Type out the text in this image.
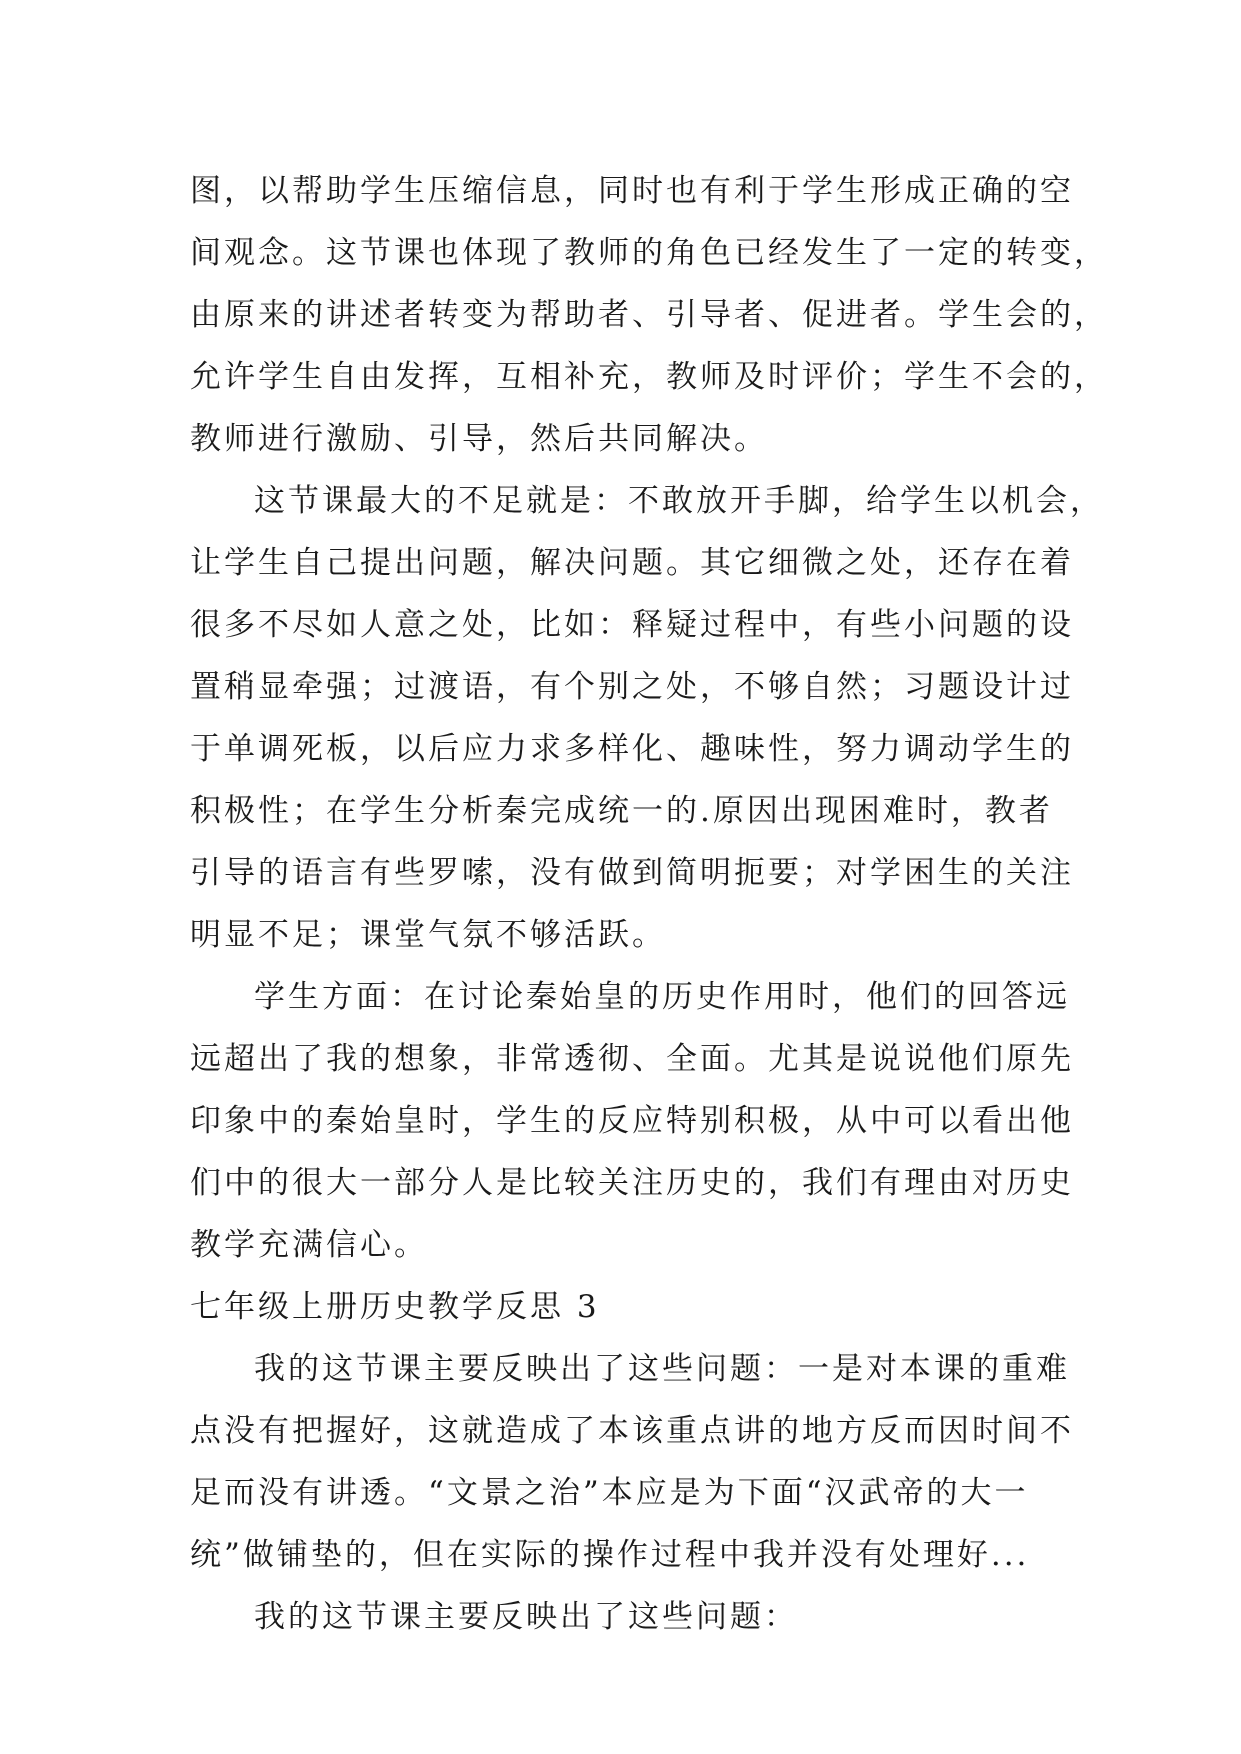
图，以帮助学生压缩信息，同时也有利于学生形成正确的空
间观念。这节课也体现了教师的角色已经发生了一定的转变，
由原来的讲述者转变为帮助者、引导者、促进者。学生会的，
允许学生自由发挥，互相补充，教师及时评价；学生不会的，
教师进行激励、引导，然后共同解决。
这节课最大的不足就是：不敢放开手脚，给学生以机会，
让学生自己提出问题，解决问题。其它细微之处，还存在着
很多不尽如人意之处，比如：释疑过程中，有些小问题的设
置稍显牵强；过渡语，有个别之处，不够自然；习题设计过
于单调死板，以后应力求多样化、趣味性，努力调动学生的
积极性；在学生分析秦完成统一的.原因出现困难时，教者
引导的语言有些罗嗦，没有做到简明扼要；对学困生的关注
明显不足；课堂气氛不够活跃。
学生方面：在讨论秦始皇的历史作用时，他们的回答远
远超出了我的想象，非常透彻、全面。尤其是说说他们原先
印象中的秦始皇时，学生的反应特别积极，从中可以看出他
们中的很大一部分人是比较关注历史的，我们有理由对历史
教学充满信心。
七年级上册历史教学反思 3
我的这节课主要反映出了这些问题：一是对本课的重难
点没有把握好，这就造成了本该重点讲的地方反而因时间不
足而没有讲透。“文景之治”本应是为下面“汉武帝的大一
统”做铺垫的，但在实际的操作过程中我并没有处理好...
我的这节课主要反映出了这些问题：
